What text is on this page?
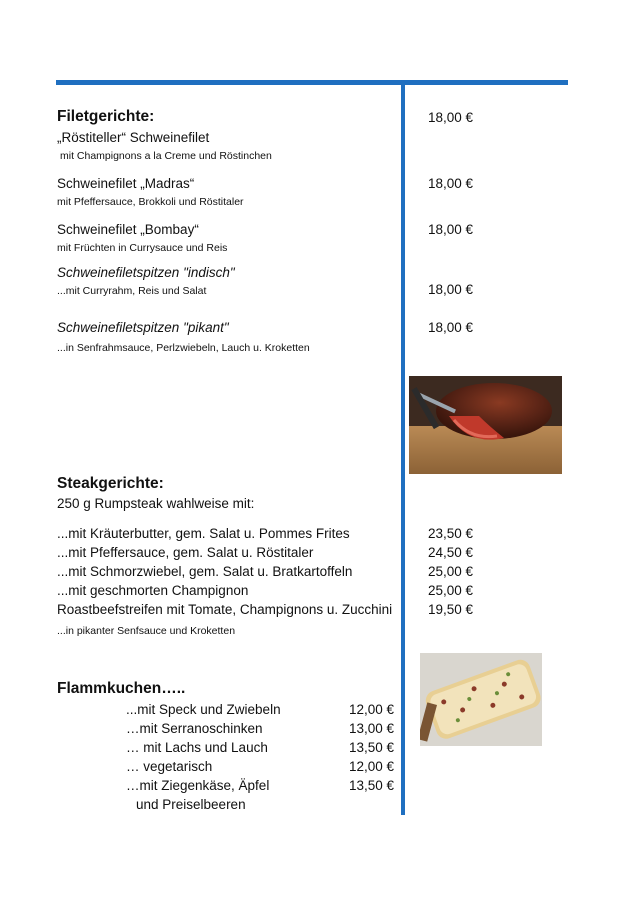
Filetgerichte:	18,00 €
„Röstiteller“ Schweinefilet
mit Champignons a la Creme und Röstinchen
Schweinefilet „Madras“	18,00 €
mit Pfeffersauce, Brokkoli und Röstitaler
Schweinefilet „Bombay“	18,00 €
mit Früchten in Currysauce und Reis
Schweinefiletspitzen "indisch"
...mit Curryrahm, Reis und Salat	18,00 €
Schweinefiletspitzen "pikant"	18,00 €
...in Senfrahmsauce, Perlzwiebeln, Lauch u. Kroketten
Steakgerichte:
250 g Rumpsteak wahlweise mit:
...mit Kräuterbutter, gem. Salat u. Pommes Frites	23,50 €
...mit Pfeffersauce, gem. Salat u. Röstitaler	24,50 €
...mit Schmorzwiebel, gem. Salat u. Bratkartoffeln	25,00 €
...mit geschmorten Champignon	25,00 €
Roastbeefstreifen mit Tomate, Champignons u. Zucchini	19,50 €
...in pikanter Senfsauce und Kroketten
Flammkuchen…..
...mit Speck und Zwiebeln	12,00 €
…mit Serranoschinken	13,00 €
… mit Lachs und Lauch	13,50 €
… vegetarisch	12,00 €
…mit Ziegenkäse, Äpfel	13,50 €
und Preiselbeeren
